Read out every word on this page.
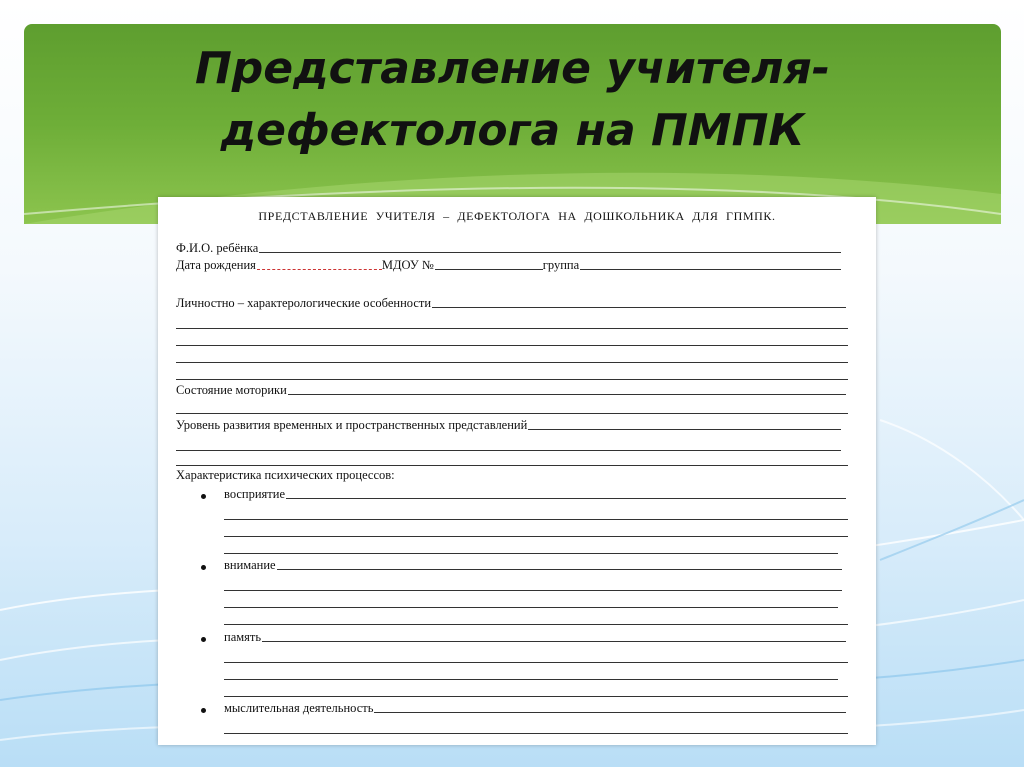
Представление учителя-
дефектолога на ПМПК
ПРЕДСТАВЛЕНИЕ УЧИТЕЛЯ – ДЕФЕКТОЛОГА НА ДОШКОЛЬНИКА ДЛЯ ГПМПК.
Ф.И.О. ребёнка
Дата рождения	МДОУ №	группа
Личностно – характерологические особенности
Состояние моторики
Уровень развития временных и пространственных представлений
Характеристика психических процессов:
восприятие
внимание
память
мыслительная деятельность
